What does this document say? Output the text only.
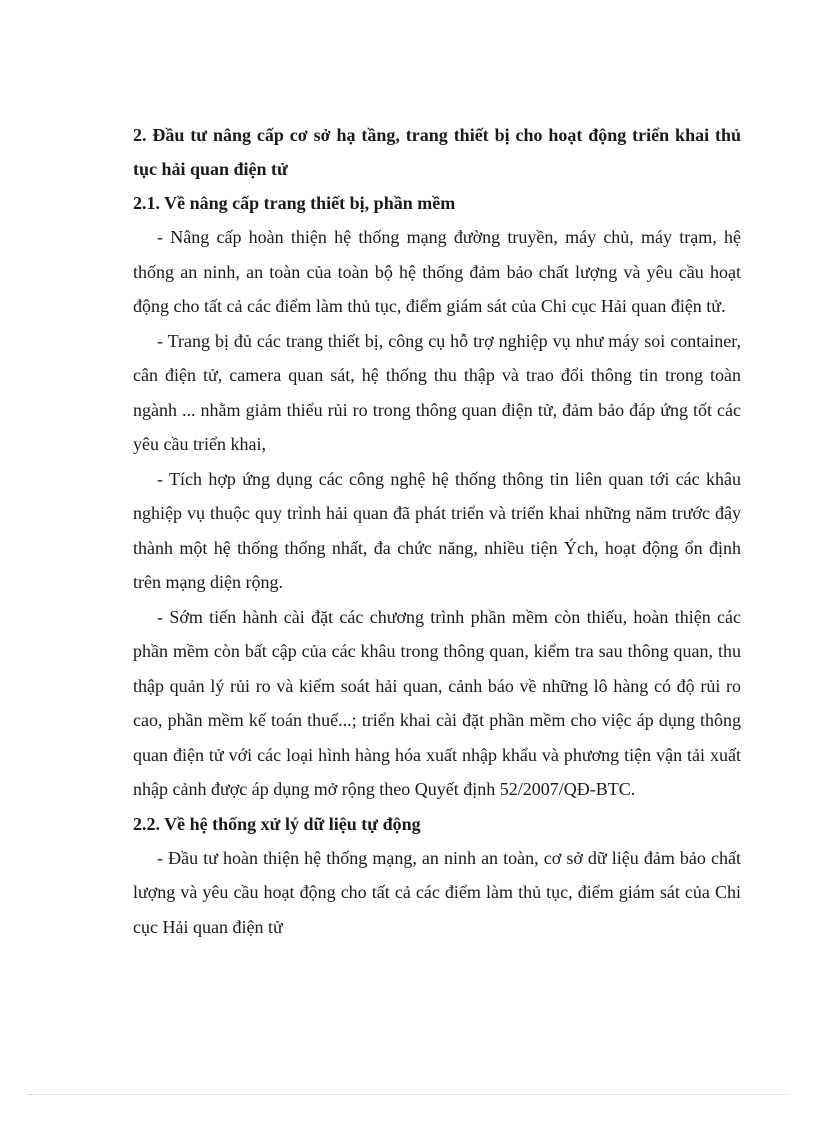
2. Đầu tư nâng cấp cơ sở hạ tầng, trang thiết bị cho hoạt động triển khai thủ tục hải quan điện tử

2.1. Về nâng cấp trang thiết bị, phần mềm

- Nâng cấp hoàn thiện hệ thống mạng đường truyền, máy chủ, máy trạm, hệ thống an ninh, an toàn của toàn bộ hệ thống đảm bảo chất lượng và yêu cầu hoạt động cho tất cả các điểm làm thủ tục, điểm giám sát của Chi cục Hải quan điện tử.

- Trang bị đủ các trang thiết bị, công cụ hỗ trợ nghiệp vụ như máy soi container, cân điện tử, camera quan sát, hệ thống thu thập và trao đổi thông tin trong toàn ngành ... nhằm giảm thiểu rủi ro trong thông quan điện tử, đảm bảo đáp ứng tốt các yêu cầu triển khai,

- Tích hợp ứng dụng các công nghệ hệ thống thông tin liên quan tới các khâu nghiệp vụ thuộc quy trình hải quan đã phát triển và triển khai những năm trước đây thành một hệ thống thống nhất, đa chức năng, nhiều tiện Ých, hoạt động ổn định trên mạng diện rộng.

- Sớm tiến hành cài đặt các chương trình phần mềm còn thiếu, hoàn thiện các phần mềm còn bất cập của các khâu trong thông quan, kiểm tra sau thông quan, thu thập quản lý rủi ro và kiểm soát hải quan, cảnh báo về những lô hàng có độ rủi ro cao, phần mềm kế toán thuế...; triển khai cài đặt phần mềm cho việc áp dụng thông quan điện tử với các loại hình hàng hóa xuất nhập khẩu và phương tiện vận tải xuất nhập cảnh được áp dụng mở rộng theo Quyết định 52/2007/QĐ-BTC.

2.2. Về hệ thống xử lý dữ liệu tự động

- Đầu tư hoàn thiện hệ thống mạng, an ninh an toàn, cơ sở dữ liệu đảm bảo chất lượng và yêu cầu hoạt động cho tất cả các điểm làm thủ tục, điểm giám sát của Chi cục Hải quan điện tử
